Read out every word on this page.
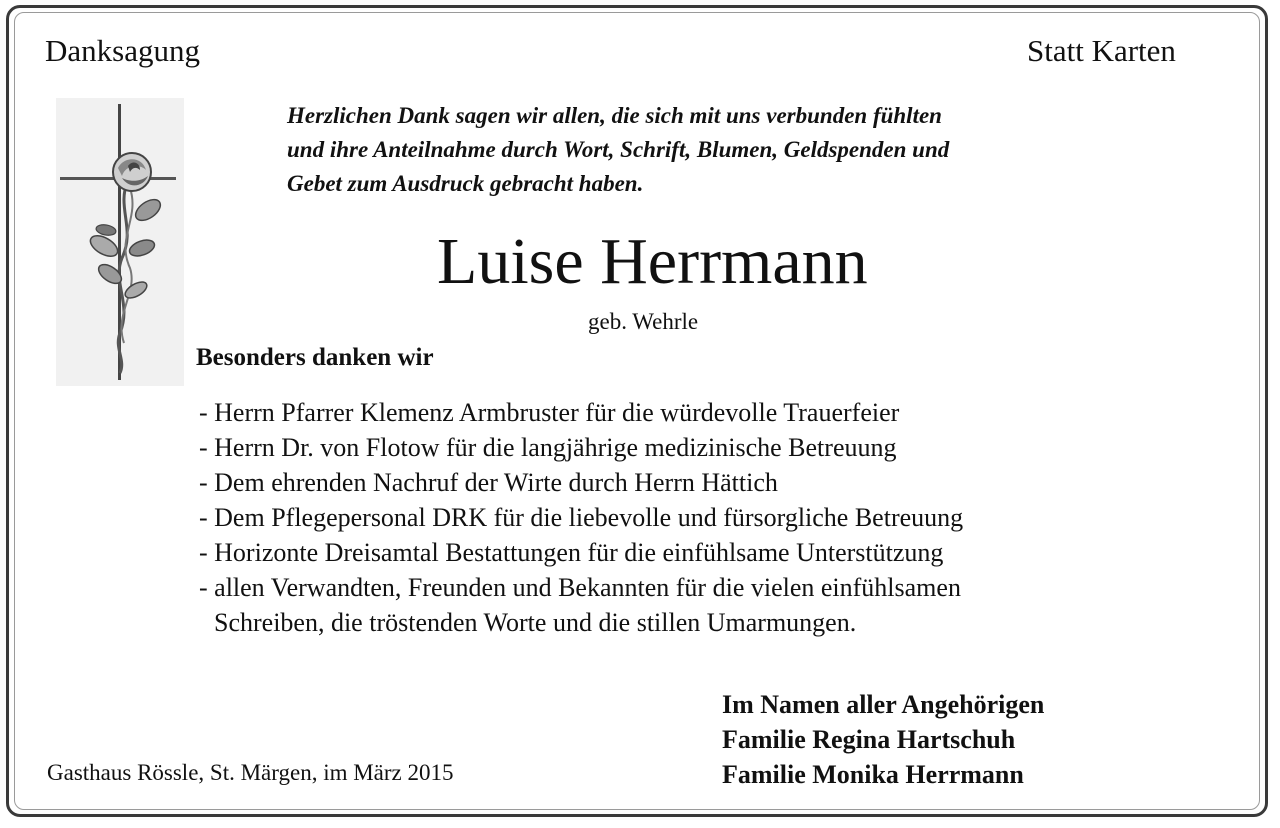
Danksagung	Statt Karten
Herzlichen Dank sagen wir allen, die sich mit uns verbunden fühlten
und ihre Anteilnahme durch Wort, Schrift, Blumen, Geldspenden und
Gebet zum Ausdruck gebracht haben.
Luise Herrmann
geb. Wehrle
Besonders danken wir
- Herrn Pfarrer Klemenz Armbruster für die würdevolle Trauerfeier
- Herrn Dr. von Flotow für die langjährige medizinische Betreuung
- Dem ehrenden Nachruf der Wirte durch Herrn Hättich
- Dem Pflegepersonal DRK für die liebevolle und fürsorgliche Betreuung
- Horizonte Dreisamtal Bestattungen für die einfühlsame Unterstützung
- allen Verwandten, Freunden und Bekannten für die vielen einfühlsamen
Schreiben, die tröstenden Worte und die stillen Umarmungen.
Im Namen aller Angehörigen
Familie Regina Hartschuh
Familie Monika Herrmann
Gasthaus Rössle, St. Märgen, im März 2015
